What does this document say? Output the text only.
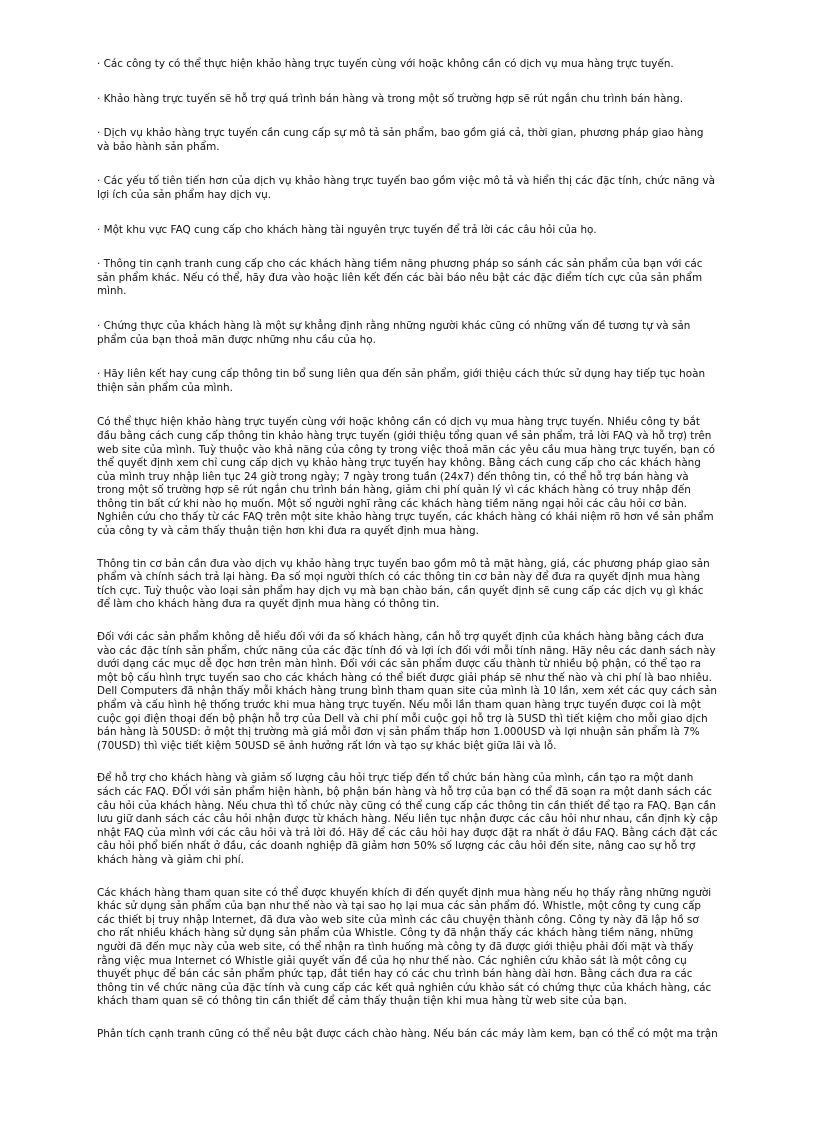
· Các công ty có thể thực hiện khảo hàng trực tuyến cùng với hoặc không cần có dịch vụ mua hàng trực tuyến.

· Khảo hàng trực tuyến sẽ hỗ trợ quá trình bán hàng và trong một số trường hợp sẽ rút ngắn chu trình bán hàng.

· Dịch vụ khảo hàng trực tuyến cần cung cấp sự mô tả sản phẩm, bao gồm giá cả, thời gian, phương pháp giao hàng và bảo hành sản phẩm.

· Các yếu tố tiên tiến hơn của dịch vụ khảo hàng trực tuyến bao gồm việc mô tả và hiển thị các đặc tính, chức năng và lợi ích của sản phẩm hay dịch vụ.

· Một khu vực FAQ cung cấp cho khách hàng tài nguyên trực tuyến để trả lời các câu hỏi của họ.

· Thông tin cạnh tranh cung cấp cho các khách hàng tiềm năng phương pháp so sánh các sản phẩm của bạn với các sản phẩm khác. Nếu có thể, hãy đưa vào hoặc liên kết đến các bài báo nêu bật các đặc điểm tích cực của sản phẩm mình.

· Chứng thực của khách hàng là một sự khẳng định rằng những người khác cũng có những vấn đề tương tự và sản phẩm của bạn thoả mãn được những nhu cầu của họ.

· Hãy liên kết hay cung cấp thông tin bổ sung liên qua đến sản phẩm, giới thiệu cách thức sử dụng hay tiếp tục hoàn thiện sản phẩm của mình.

Có thể thực hiện khảo hàng trực tuyến cùng với hoặc không cần có dịch vụ mua hàng trực tuyến. Nhiều công ty bắt đầu bằng cách cung cấp thông tin khảo hàng trực tuyến (giới thiệu tổng quan về sản phẩm, trả lời FAQ và hỗ trợ) trên web site của mình. Tuỳ thuộc vào khả năng của công ty trong việc thoả mãn các yêu cầu mua hàng trực tuyến, bạn có thể quyết định xem chỉ cung cấp dịch vụ khảo hàng trực tuyến hay không. Bằng cách cung cấp cho các khách hàng của mình truy nhập liên tục 24 giờ trong ngày; 7 ngày trong tuần (24x7) đến thông tin, có thể hỗ trợ bán hàng và trong một số trường hợp sẽ rút ngắn chu trình bán hàng, giảm chi phí quản lý vì các khách hàng có truy nhập đến thông tin bất cứ khi nào họ muốn. Một số người nghĩ rằng các khách hàng tiềm năng ngại hỏi các câu hỏi cơ bản. Nghiên cứu cho thấy từ các FAQ trên một site khảo hàng trực tuyến, các khách hàng có khái niệm rõ hơn về sản phẩm của công ty và cảm thấy thuận tiện hơn khi đưa ra quyết định mua hàng.

Thông tin cơ bản cần đưa vào dịch vụ khảo hàng trực tuyến bao gồm mô tả mặt hàng, giá, các phương pháp giao sản phẩm và chính sách trả lại hàng. Đa số mọi người thích có các thông tin cơ bản này để đưa ra quyết định mua hàng tích cực. Tuỳ thuộc vào loại sản phẩm hay dịch vụ mà bạn chào bán, cần quyết định sẽ cung cấp các dịch vụ gì khác để làm cho khách hàng đưa ra quyết định mua hàng có thông tin.

Đối với các sản phẩm không dễ hiểu đối với đa số khách hàng, cần hỗ trợ quyết định của khách hàng bằng cách đưa vào các đặc tính sản phẩm, chức năng của các đặc tính đó và lợi ích đối với mỗi tính năng. Hãy nêu các danh sách này dưới dạng các mục dễ đọc hơn trên màn hình. Đối với các sản phẩm được cấu thành từ nhiều bộ phận, có thể tạo ra một bộ cấu hình trực tuyến sao cho các khách hàng có thể biết được giải pháp sẽ như thế nào và chi phí là bao nhiêu. Dell Computers đã nhận thấy mỗi khách hàng trung bình tham quan site của mình là 10 lần, xem xét các quy cách sản phẩm và cấu hình hệ thống trước khi mua hàng trực tuyến. Nếu mỗi lần tham quan hàng trực tuyến được coi là một cuộc gọi điện thoại đến bộ phận hỗ trợ của Dell và chi phí mỗi cuộc gọi hỗ trợ là 5USD thì tiết kiệm cho mỗi giao dịch bán hàng là 50USD: ở một thị trường mà giá mỗi đơn vị sản phẩm thấp hơn 1.000USD và lợi nhuận sản phẩm là 7% (70USD) thì việc tiết kiệm 50USD sẽ ảnh hưởng rất lớn và tạo sự khác biệt giữa lãi và lỗ.

Để hỗ trợ cho khách hàng và giảm số lượng câu hỏi trực tiếp đến tổ chức bán hàng của mình, cần tạo ra một danh sách các FAQ. ĐỐI với sản phẩm hiện hành, bộ phận bán hàng và hỗ trợ của bạn có thể đã soạn ra một danh sách các câu hỏi của khách hàng. Nếu chưa thì tổ chức này cũng có thể cung cấp các thông tin cần thiết để tạo ra FAQ. Bạn cần lưu giữ danh sách các câu hỏi nhận được từ khách hàng. Nếu liên tục nhận được các câu hỏi như nhau, cần định kỳ cập nhật FAQ của mình với các câu hỏi và trả lời đó. Hãy để các câu hỏi hay được đặt ra nhất ở đầu FAQ. Bằng cách đặt các câu hỏi phổ biến nhất ở đầu, các doanh nghiệp đã giảm hơn 50% số lượng các câu hỏi đến site, nâng cao sự hỗ trợ khách hàng và giảm chi phí.

Các khách hàng tham quan site có thể được khuyến khích đi đến quyết định mua hàng nếu họ thấy rằng những người khác sử dụng sản phẩm của bạn như thế nào và tại sao họ lại mua các sản phẩm đó. Whistle, một công ty cung cấp các thiết bị truy nhập Internet, đã đưa vào web site của mình các câu chuyện thành công. Công ty này đã lập hồ sơ cho rất nhiều khách hàng sử dụng sản phẩm của Whistle. Công ty đã nhận thấy các khách hàng tiềm năng, những người đã đến mục này của web site, có thể nhận ra tình huống mà công ty đã được giới thiệu phải đối mặt và thấy rằng việc mua Internet có Whistle giải quyết vấn đề của họ như thế nào. Các nghiên cứu khảo sát là một công cụ thuyết phục để bán các sản phẩm phức tạp, đắt tiền hay có các chu trình bán hàng dài hơn. Bằng cách đưa ra các thông tin về chức năng của đặc tính và cung cấp các kết quả nghiên cứu khảo sát có chứng thực của khách hàng, các khách tham quan sẽ có thông tin cần thiết để cảm thấy thuận tiện khi mua hàng từ web site của bạn.

Phân tích cạnh tranh cũng có thể nêu bật được cách chào hàng. Nếu bán các máy làm kem, bạn có thể có một ma trận
